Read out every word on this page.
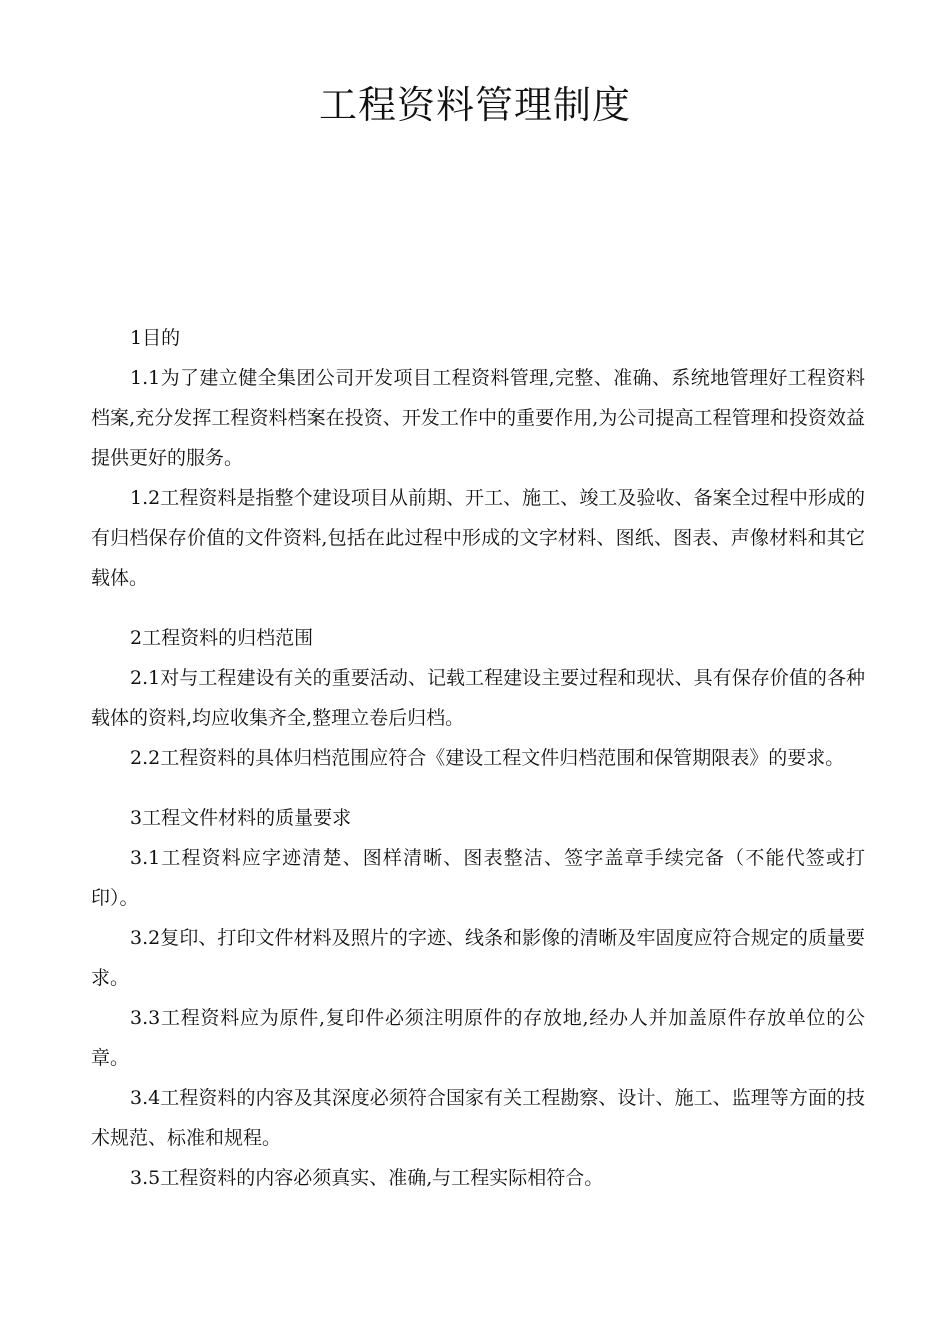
工程资料管理制度

1目的

1.1为了建立健全集团公司开发项目工程资料管理,完整、准确、系统地管理好工程资料档案,充分发挥工程资料档案在投资、开发工作中的重要作用,为公司提高工程管理和投资效益提供更好的服务。

1.2工程资料是指整个建设项目从前期、开工、施工、竣工及验收、备案全过程中形成的有归档保存价值的文件资料,包括在此过程中形成的文字材料、图纸、图表、声像材料和其它载体。

2工程资料的归档范围

2.1对与工程建设有关的重要活动、记载工程建设主要过程和现状、具有保存价值的各种载体的资料,均应收集齐全,整理立卷后归档。

2.2工程资料的具体归档范围应符合《建设工程文件归档范围和保管期限表》的要求。

3工程文件材料的质量要求

3.1工程资料应字迹清楚、图样清晰、图表整洁、签字盖章手续完备（不能代签或打印）。

3.2复印、打印文件材料及照片的字迹、线条和影像的清晰及牢固度应符合规定的质量要求。

3.3工程资料应为原件,复印件必须注明原件的存放地,经办人并加盖原件存放单位的公章。

3.4工程资料的内容及其深度必须符合国家有关工程勘察、设计、施工、监理等方面的技术规范、标准和规程。

3.5工程资料的内容必须真实、准确,与工程实际相符合。
